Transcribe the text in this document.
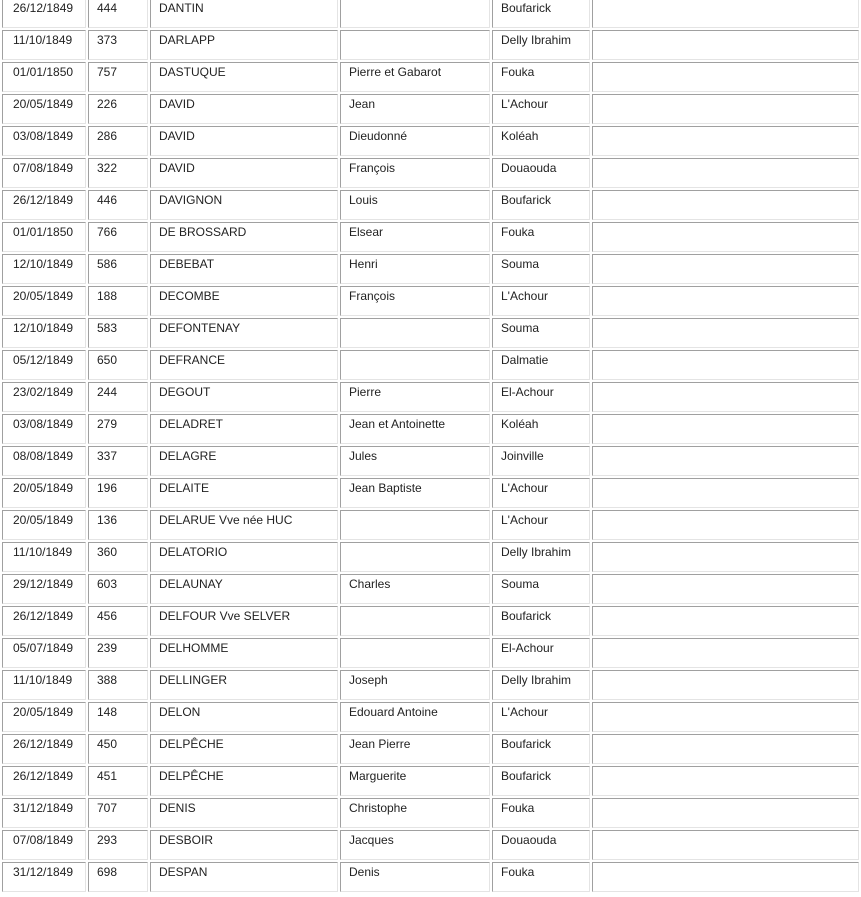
26/12/1849	444	DANTIN		Boufarick	
11/10/1849	373	DARLAPP		Delly Ibrahim	
01/01/1850	757	DASTUQUE	Pierre et Gabarot	Fouka	
20/05/1849	226	DAVID	Jean	L'Achour	
03/08/1849	286	DAVID	Dieudonné	Koléah	
07/08/1849	322	DAVID	François	Douaouda	
26/12/1849	446	DAVIGNON	Louis	Boufarick	
01/01/1850	766	DE BROSSARD	Elsear	Fouka	
12/10/1849	586	DEBEBAT	Henri	Souma	
20/05/1849	188	DECOMBE	François	L'Achour	
12/10/1849	583	DEFONTENAY		Souma	
05/12/1849	650	DEFRANCE		Dalmatie	
23/02/1849	244	DEGOUT	Pierre	El-Achour	
03/08/1849	279	DELADRET	Jean et Antoinette	Koléah	
08/08/1849	337	DELAGRE	Jules	Joinville	
20/05/1849	196	DELAITE	Jean Baptiste	L'Achour	
20/05/1849	136	DELARUE Vve née HUC		L'Achour	
11/10/1849	360	DELATORIO		Delly Ibrahim	
29/12/1849	603	DELAUNAY	Charles	Souma	
26/12/1849	456	DELFOUR Vve SELVER		Boufarick	
05/07/1849	239	DELHOMME		El-Achour	
11/10/1849	388	DELLINGER	Joseph	Delly Ibrahim	
20/05/1849	148	DELON	Edouard Antoine	L'Achour	
26/12/1849	450	DELPÊCHE	Jean Pierre	Boufarick	
26/12/1849	451	DELPÊCHE	Marguerite	Boufarick	
31/12/1849	707	DENIS	Christophe	Fouka	
07/08/1849	293	DESBOIR	Jacques	Douaouda	
31/12/1849	698	DESPAN	Denis	Fouka	
